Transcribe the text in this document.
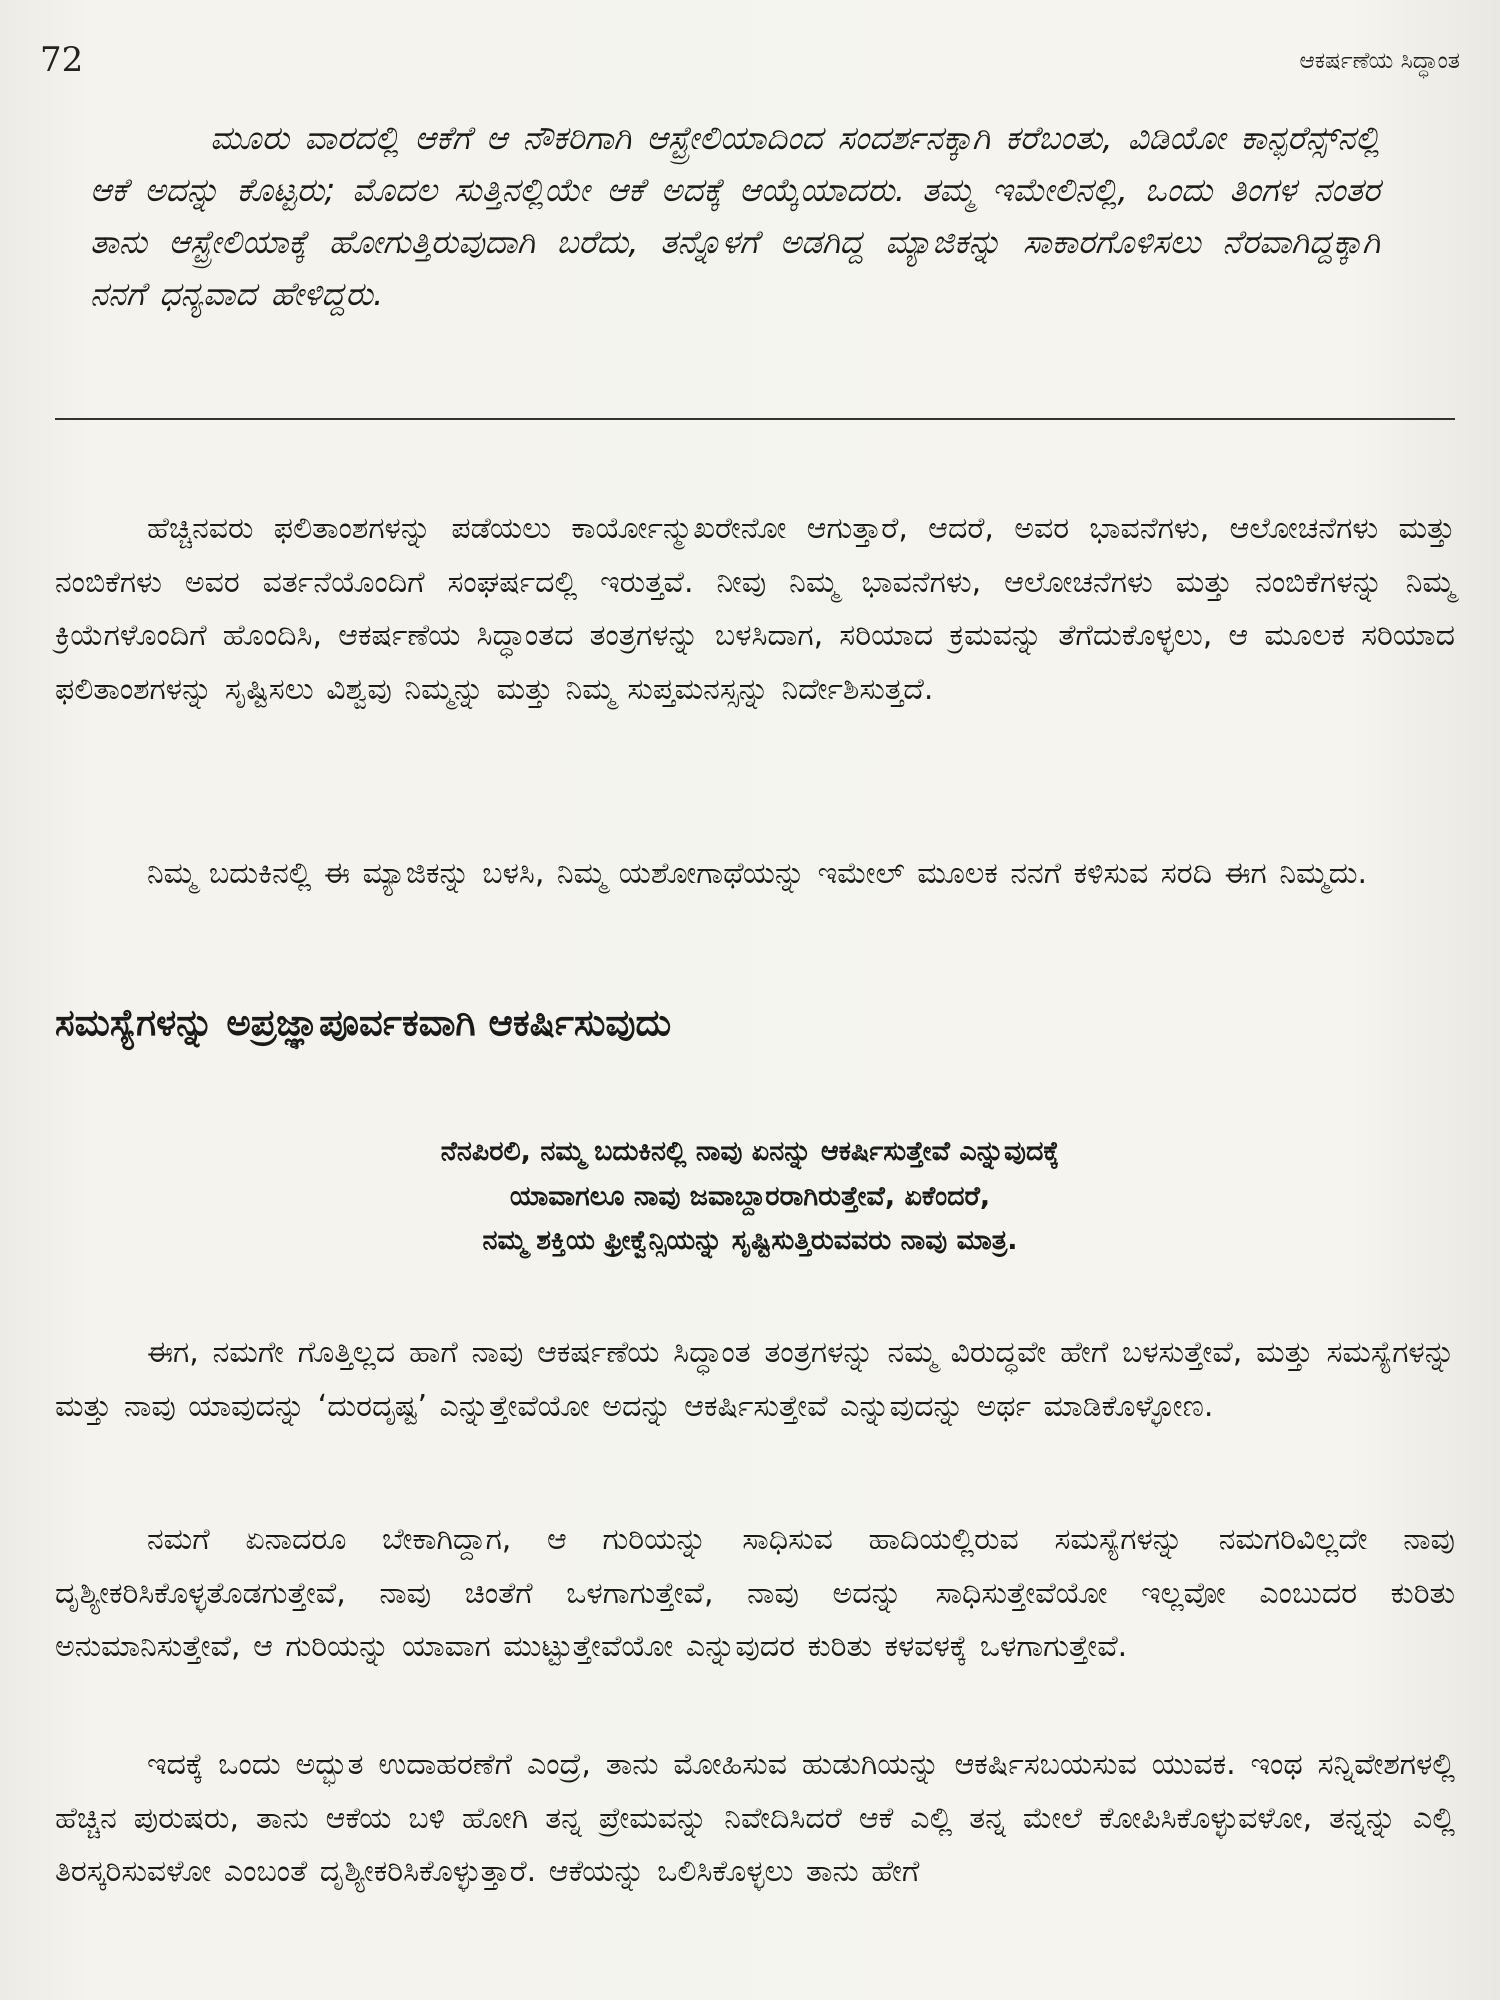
72	ಆಕರ್ಷಣೆಯ ಸಿದ್ಧಾಂತ

ಮೂರು ವಾರದಲ್ಲಿ ಆಕೆಗೆ ಆ ನೌಕರಿಗಾಗಿ ಆಸ್ಟ್ರೇಲಿಯಾದಿಂದ ಸಂದರ್ಶನಕ್ಕಾಗಿ ಕರೆಬಂತು, ವಿಡಿಯೋ ಕಾನ್ಫರೆನ್ಸ್‌ನಲ್ಲಿ ಆಕೆ ಅದನ್ನು ಕೊಟ್ಟರು; ಮೊದಲ ಸುತ್ತಿನಲ್ಲಿಯೇ ಆಕೆ ಅದಕ್ಕೆ ಆಯ್ಕೆಯಾದರು. ತಮ್ಮ ಇಮೇಲಿನಲ್ಲಿ, ಒಂದು ತಿಂಗಳ ನಂತರ ತಾನು ಆಸ್ಟ್ರೇಲಿಯಾಕ್ಕೆ ಹೋಗುತ್ತಿರುವುದಾಗಿ ಬರೆದು, ತನ್ನೊಳಗೆ ಅಡಗಿದ್ದ ಮ್ಯಾಜಿಕನ್ನು ಸಾಕಾರಗೊಳಿಸಲು ನೆರವಾಗಿದ್ದಕ್ಕಾಗಿ ನನಗೆ ಧನ್ಯವಾದ ಹೇಳಿದ್ದರು.

ಹೆಚ್ಚಿನವರು ಫಲಿತಾಂಶಗಳನ್ನು ಪಡೆಯಲು ಕಾರ್ಯೋನ್ಮುಖರೇನೋ ಆಗುತ್ತಾರೆ, ಆದರೆ, ಅವರ ಭಾವನೆಗಳು, ಆಲೋಚನೆಗಳು ಮತ್ತು ನಂಬಿಕೆಗಳು ಅವರ ವರ್ತನೆಯೊಂದಿಗೆ ಸಂಘರ್ಷದಲ್ಲಿ ಇರುತ್ತವೆ. ನೀವು ನಿಮ್ಮ ಭಾವನೆಗಳು, ಆಲೋಚನೆಗಳು ಮತ್ತು ನಂಬಿಕೆಗಳನ್ನು ನಿಮ್ಮ ಕ್ರಿಯೆಗಳೊಂದಿಗೆ ಹೊಂದಿಸಿ, ಆಕರ್ಷಣೆಯ ಸಿದ್ಧಾಂತದ ತಂತ್ರಗಳನ್ನು ಬಳಸಿದಾಗ, ಸರಿಯಾದ ಕ್ರಮವನ್ನು ತೆಗೆದುಕೊಳ್ಳಲು, ಆ ಮೂಲಕ ಸರಿಯಾದ ಫಲಿತಾಂಶಗಳನ್ನು ಸೃಷ್ಟಿಸಲು ವಿಶ್ವವು ನಿಮ್ಮನ್ನು ಮತ್ತು ನಿಮ್ಮ ಸುಪ್ತಮನಸ್ಸನ್ನು ನಿರ್ದೇಶಿಸುತ್ತದೆ.

ನಿಮ್ಮ ಬದುಕಿನಲ್ಲಿ ಈ ಮ್ಯಾಜಿಕನ್ನು ಬಳಸಿ, ನಿಮ್ಮ ಯಶೋಗಾಥೆಯನ್ನು ಇಮೇಲ್ ಮೂಲಕ ನನಗೆ ಕಳಿಸುವ ಸರದಿ ಈಗ ನಿಮ್ಮದು.

ಸಮಸ್ಯೆಗಳನ್ನು ಅಪ್ರಜ್ಞಾಪೂರ್ವಕವಾಗಿ ಆಕರ್ಷಿಸುವುದು
ನೆನಪಿರಲಿ, ನಮ್ಮ ಬದುಕಿನಲ್ಲಿ ನಾವು ಏನನ್ನು ಆಕರ್ಷಿಸುತ್ತೇವೆ ಎನ್ನುವುದಕ್ಕೆ
ಯಾವಾಗಲೂ ನಾವು ಜವಾಬ್ದಾರರಾಗಿರುತ್ತೇವೆ, ಏಕೆಂದರೆ,
ನಮ್ಮ ಶಕ್ತಿಯ ಫ್ರೀಕ್ವೆನ್ಸಿಯನ್ನು ಸೃಷ್ಟಿಸುತ್ತಿರುವವರು ನಾವು ಮಾತ್ರ.

ಈಗ, ನಮಗೇ ಗೊತ್ತಿಲ್ಲದ ಹಾಗೆ ನಾವು ಆಕರ್ಷಣೆಯ ಸಿದ್ಧಾಂತ ತಂತ್ರಗಳನ್ನು ನಮ್ಮ ವಿರುದ್ಧವೇ ಹೇಗೆ ಬಳಸುತ್ತೇವೆ, ಮತ್ತು ಸಮಸ್ಯೆಗಳನ್ನು ಮತ್ತು ನಾವು ಯಾವುದನ್ನು ‘ದುರದೃಷ್ಟ’ ಎನ್ನುತ್ತೇವೆಯೋ ಅದನ್ನು ಆಕರ್ಷಿಸುತ್ತೇವೆ ಎನ್ನುವುದನ್ನು ಅರ್ಥ ಮಾಡಿಕೊಳ್ಳೋಣ.

ನಮಗೆ ಏನಾದರೂ ಬೇಕಾಗಿದ್ದಾಗ, ಆ ಗುರಿಯನ್ನು ಸಾಧಿಸುವ ಹಾದಿಯಲ್ಲಿರುವ ಸಮಸ್ಯೆಗಳನ್ನು ನಮಗರಿವಿಲ್ಲದೇ ನಾವು ದೃಶ್ಯೀಕರಿಸಿಕೊಳ್ಳತೊಡಗುತ್ತೇವೆ, ನಾವು ಚಿಂತೆಗೆ ಒಳಗಾಗುತ್ತೇವೆ, ನಾವು ಅದನ್ನು ಸಾಧಿಸುತ್ತೇವೆಯೋ ಇಲ್ಲವೋ ಎಂಬುದರ ಕುರಿತು ಅನುಮಾನಿಸುತ್ತೇವೆ, ಆ ಗುರಿಯನ್ನು ಯಾವಾಗ ಮುಟ್ಟುತ್ತೇವೆಯೋ ಎನ್ನುವುದರ ಕುರಿತು ಕಳವಳಕ್ಕೆ ಒಳಗಾಗುತ್ತೇವೆ.

ಇದಕ್ಕೆ ಒಂದು ಅದ್ಭುತ ಉದಾಹರಣೆಗೆ ಎಂದ್ರೆ, ತಾನು ಮೋಹಿಸುವ ಹುಡುಗಿಯನ್ನು ಆಕರ್ಷಿಸಬಯಸುವ ಯುವಕ. ಇಂಥ ಸನ್ನಿವೇಶಗಳಲ್ಲಿ ಹೆಚ್ಚಿನ ಪುರುಷರು, ತಾನು ಆಕೆಯ ಬಳಿ ಹೋಗಿ ತನ್ನ ಪ್ರೇಮವನ್ನು ನಿವೇದಿಸಿದರೆ ಆಕೆ ಎಲ್ಲಿ ತನ್ನ ಮೇಲೆ ಕೋಪಿಸಿಕೊಳ್ಳುವಳೋ, ತನ್ನನ್ನು ಎಲ್ಲಿ ತಿರಸ್ಕರಿಸುವಳೋ ಎಂಬಂತೆ ದೃಶ್ಯೀಕರಿಸಿಕೊಳ್ಳುತ್ತಾರೆ. ಆಕೆಯನ್ನು ಒಲಿಸಿಕೊಳ್ಳಲು ತಾನು ಹೇಗೆ
